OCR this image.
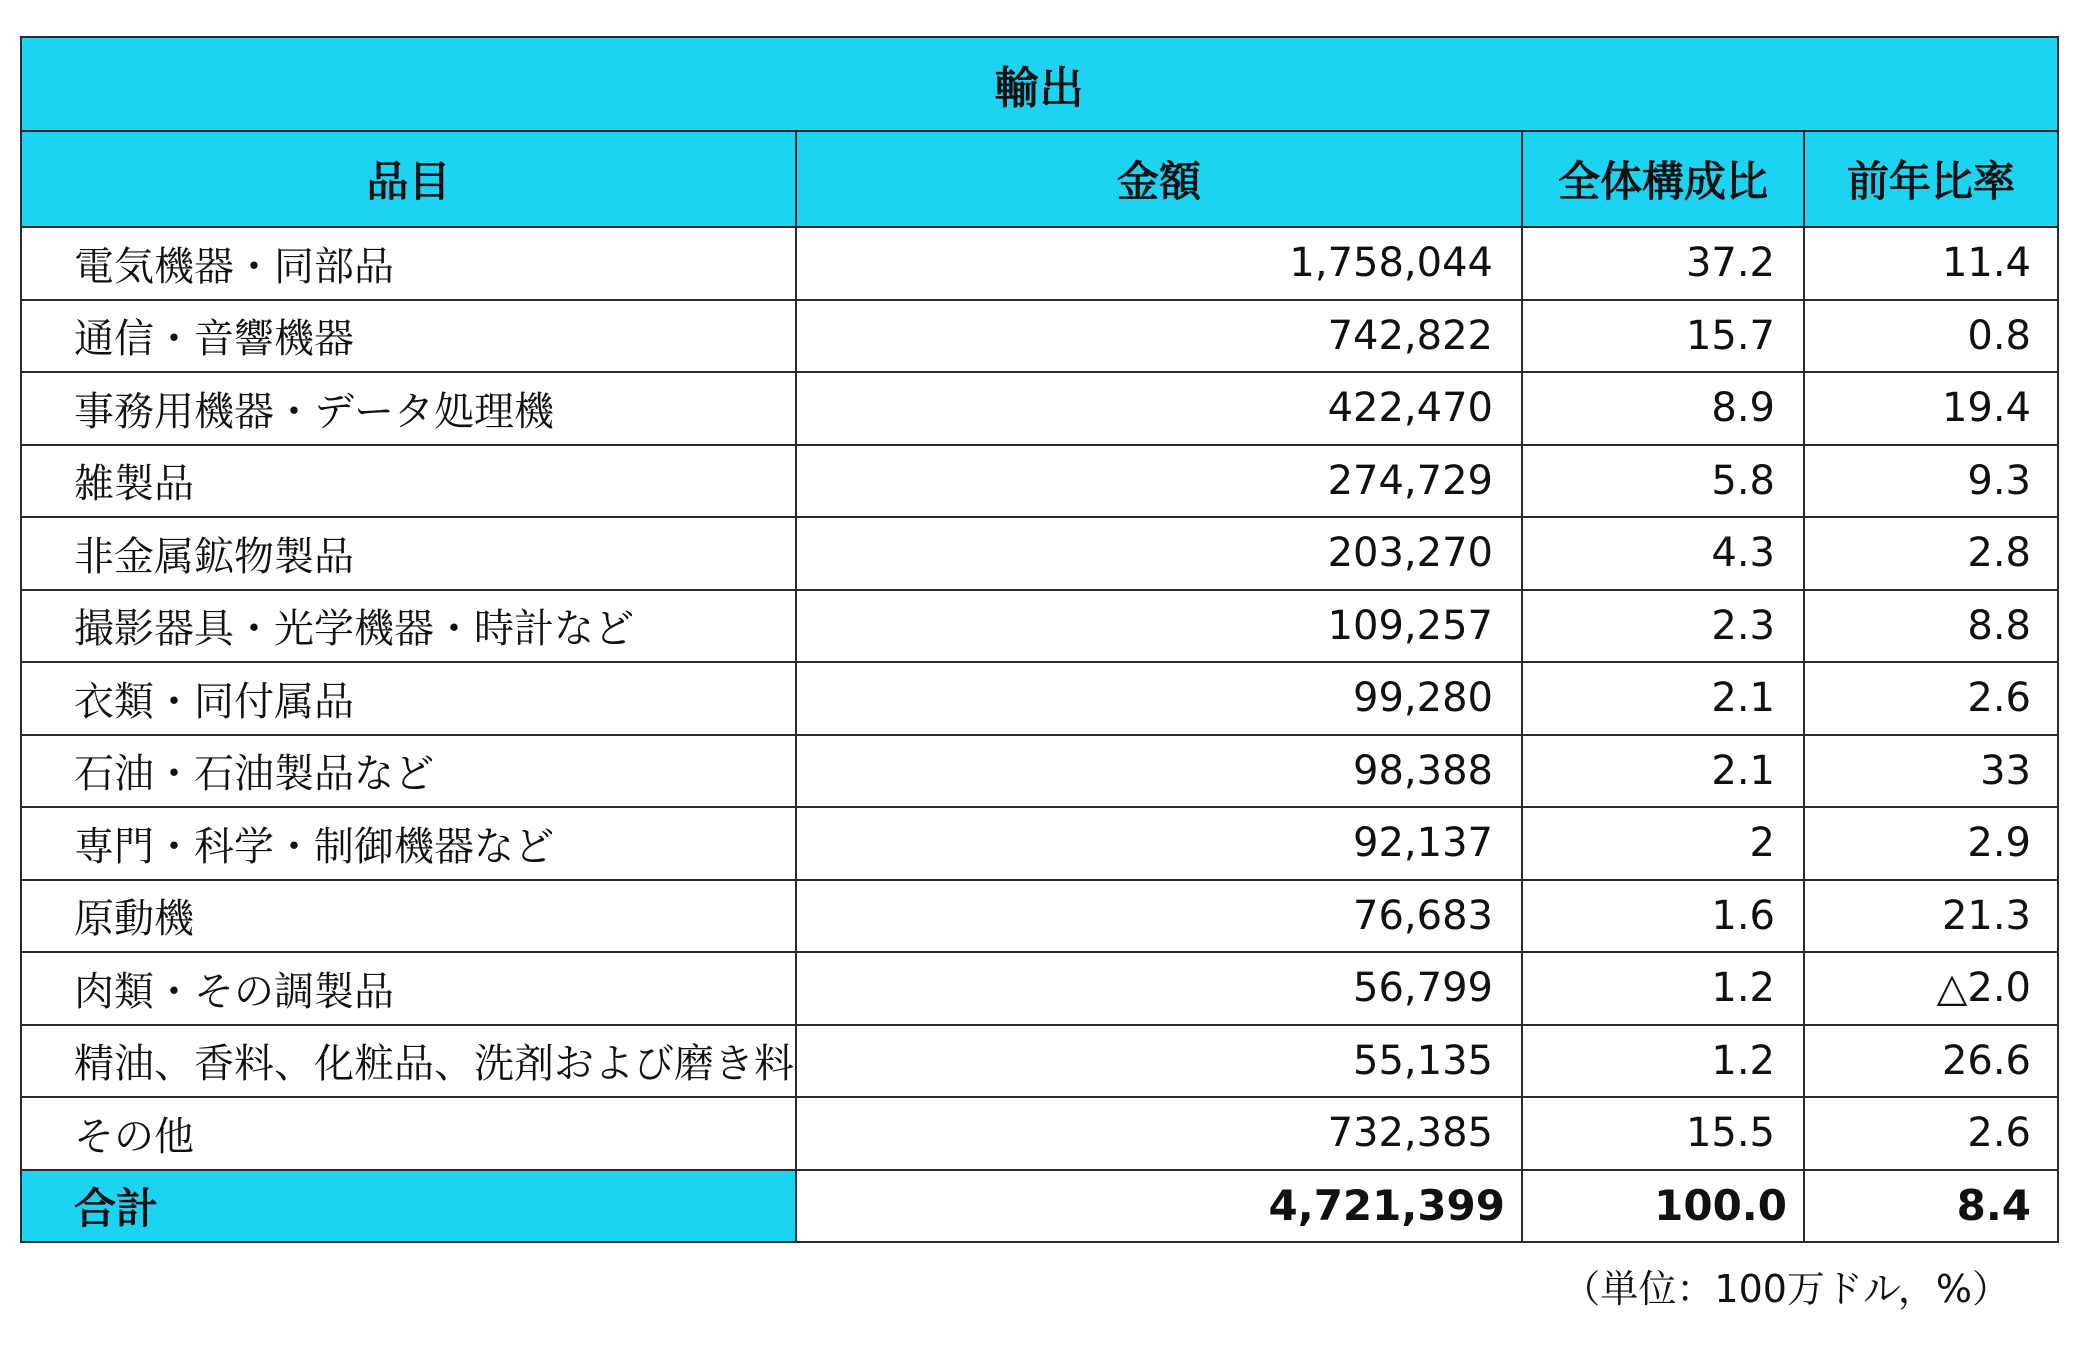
輸出			
品目	金額	全体構成比	前年比率
電気機器・同部品	1,758,044	37.2	11.4
通信・音響機器	742,822	15.7	0.8
事務用機器・データ処理機	422,470	8.9	19.4
雑製品	274,729	5.8	9.3
非金属鉱物製品	203,270	4.3	2.8
撮影器具・光学機器・時計など	109,257	2.3	8.8
衣類・同付属品	99,280	2.1	2.6
石油・石油製品など	98,388	2.1	33
専門・科学・制御機器など	92,137	2	2.9
原動機	76,683	1.6	21.3
肉類・その調製品	56,799	1.2	△2.0
精油、香料、化粧品、洗剤および磨き料	55,135	1.2	26.6
その他	732,385	15.5	2.6
合計	4,721,399	100.0	8.4
（単位：100万ドル，%）
